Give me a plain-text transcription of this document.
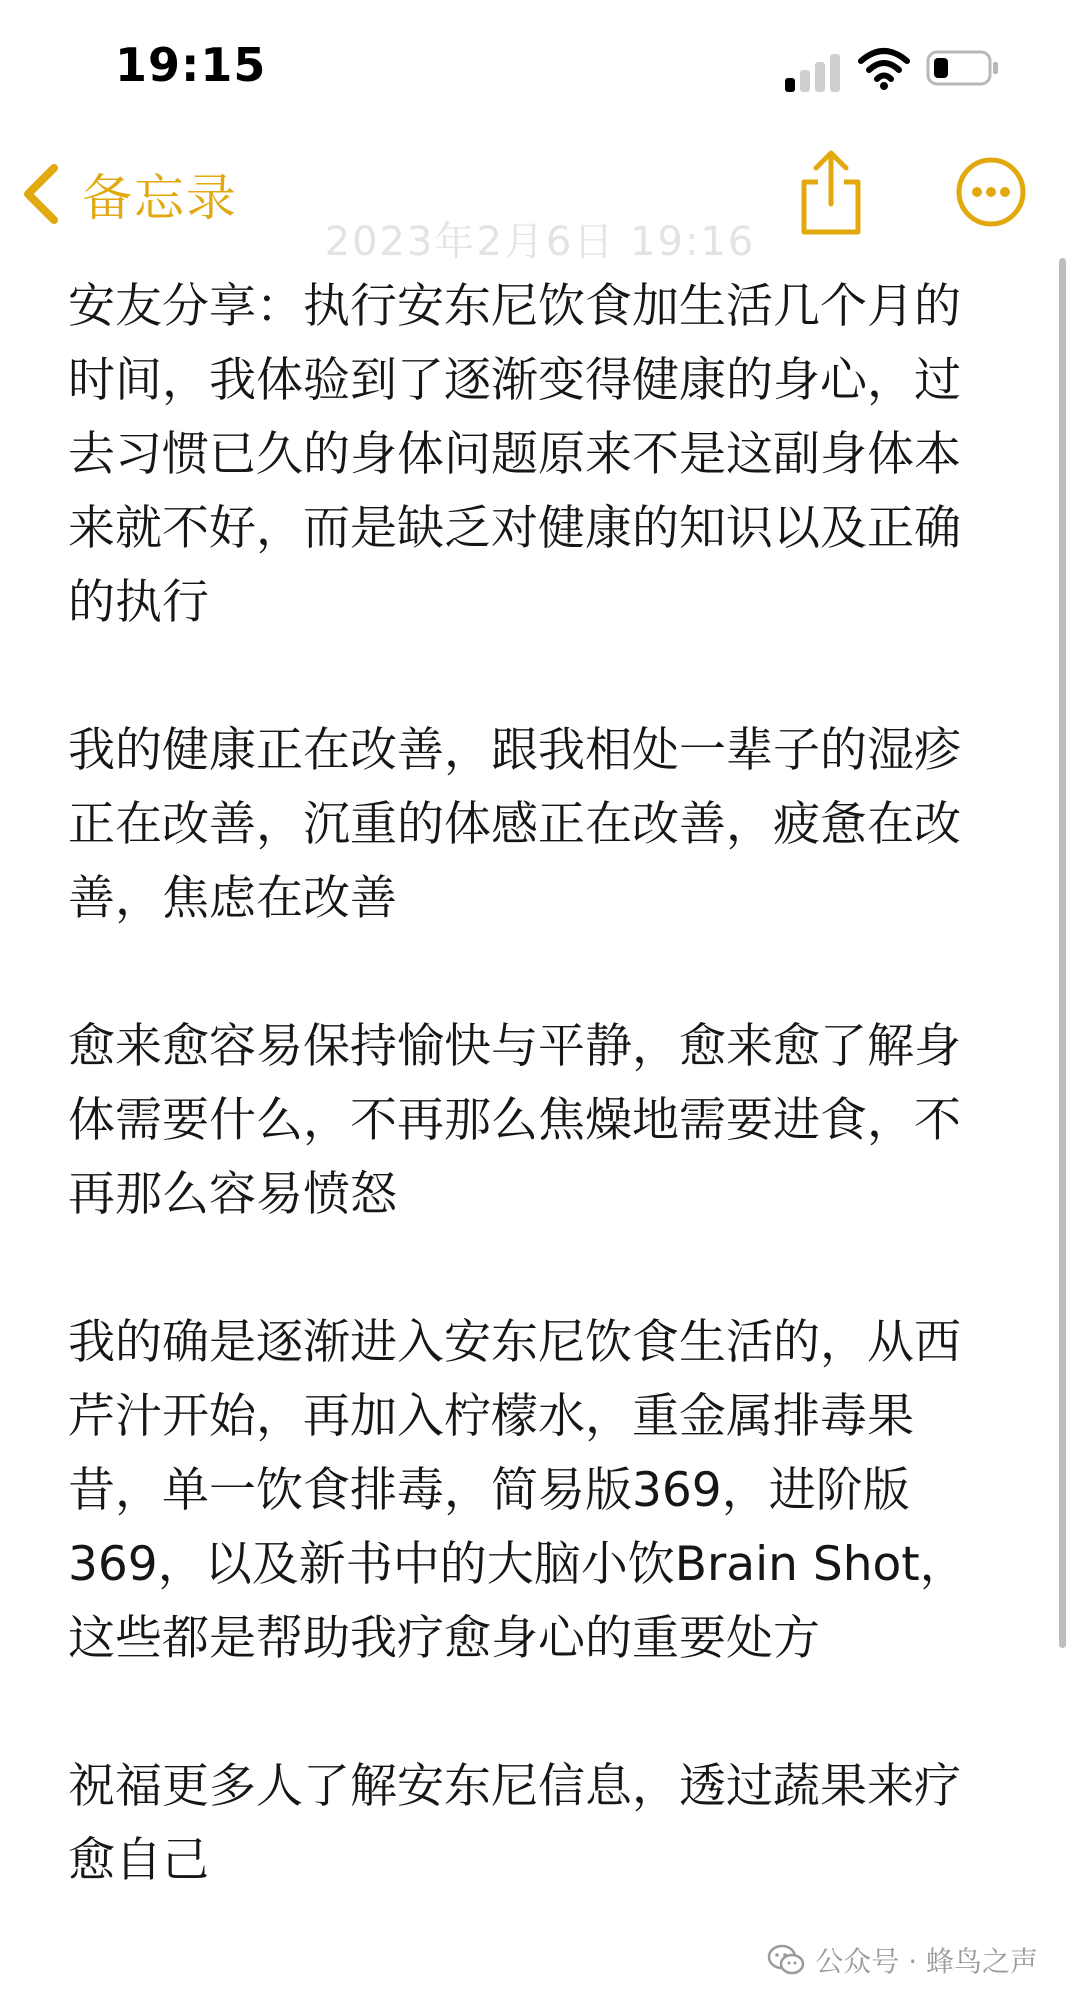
19:15
备忘录
2023年2月6日 19:16

安友分享：执行安东尼饮食加生活几个月的时间，我体验到了逐渐变得健康的身心，过去习惯已久的身体问题原来不是这副身体本来就不好，而是缺乏对健康的知识以及正确的执行

我的健康正在改善，跟我相处一辈子的湿疹正在改善，沉重的体感正在改善，疲惫在改善，焦虑在改善

愈来愈容易保持愉快与平静，愈来愈了解身体需要什么，不再那么焦燥地需要进食，不再那么容易愤怒

我的确是逐渐进入安东尼饮食生活的，从西芹汁开始，再加入柠檬水，重金属排毒果昔，单一饮食排毒，简易版369，进阶版369，以及新书中的大脑小饮Brain Shot，这些都是帮助我疗愈身心的重要处方

祝福更多人了解安东尼信息，透过蔬果来疗愈自己

公众号 · 蜂鸟之声
